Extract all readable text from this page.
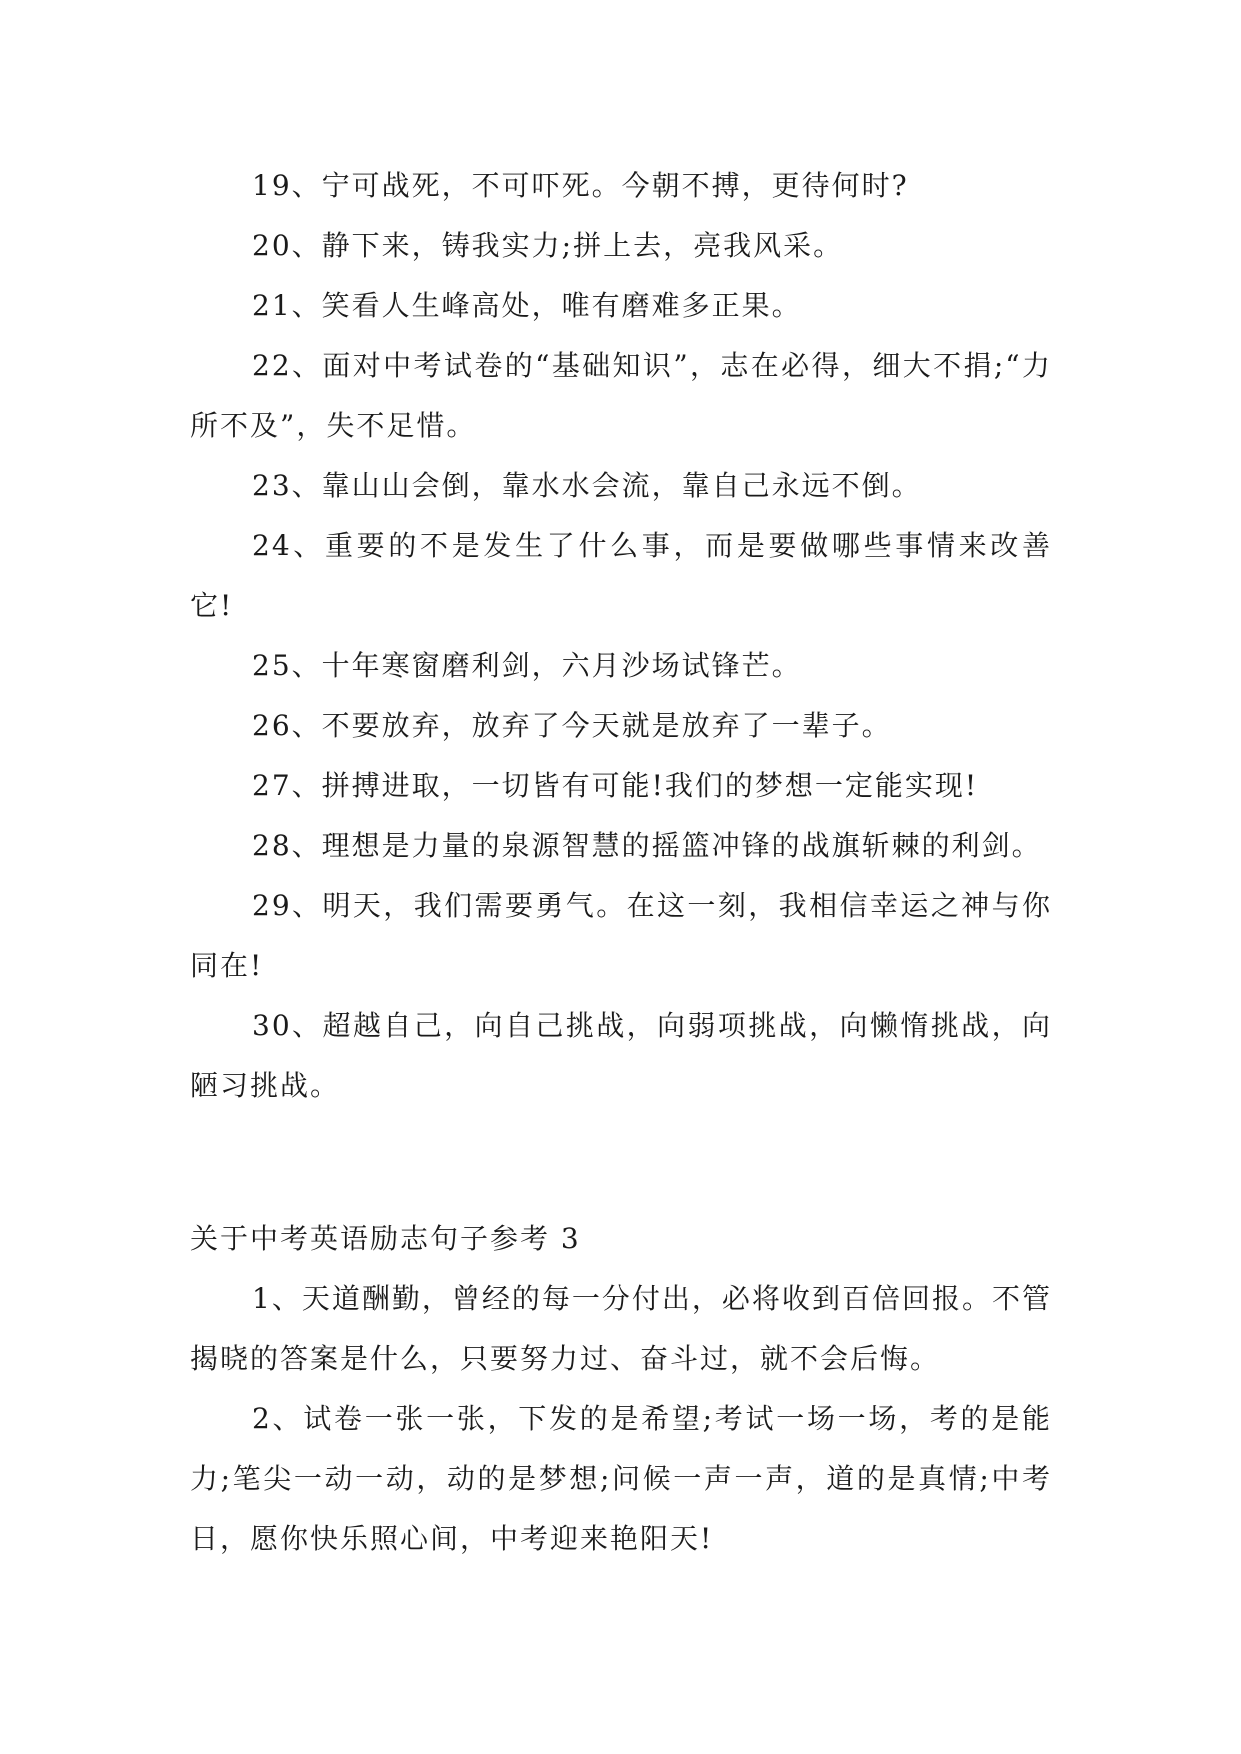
19、宁可战死，不可吓死。今朝不搏，更待何时?

20、静下来，铸我实力;拼上去，亮我风采。

21、笑看人生峰高处，唯有磨难多正果。

22、面对中考试卷的“基础知识”，志在必得，细大不捐;“力所不及”，失不足惜。

23、靠山山会倒，靠水水会流，靠自己永远不倒。

24、重要的不是发生了什么事，而是要做哪些事情来改善它!

25、十年寒窗磨利剑，六月沙场试锋芒。

26、不要放弃，放弃了今天就是放弃了一辈子。

27、拼搏进取，一切皆有可能!我们的梦想一定能实现!

28、理想是力量的泉源智慧的摇篮冲锋的战旗斩棘的利剑。

29、明天，我们需要勇气。在这一刻，我相信幸运之神与你同在!

30、超越自己，向自己挑战，向弱项挑战，向懒惰挑战，向陋习挑战。

关于中考英语励志句子参考 3

1、天道酬勤，曾经的每一分付出，必将收到百倍回报。不管揭晓的答案是什么，只要努力过、奋斗过，就不会后悔。

2、试卷一张一张，下发的是希望;考试一场一场，考的是能力;笔尖一动一动，动的是梦想;问候一声一声，道的是真情;中考日，愿你快乐照心间，中考迎来艳阳天!
